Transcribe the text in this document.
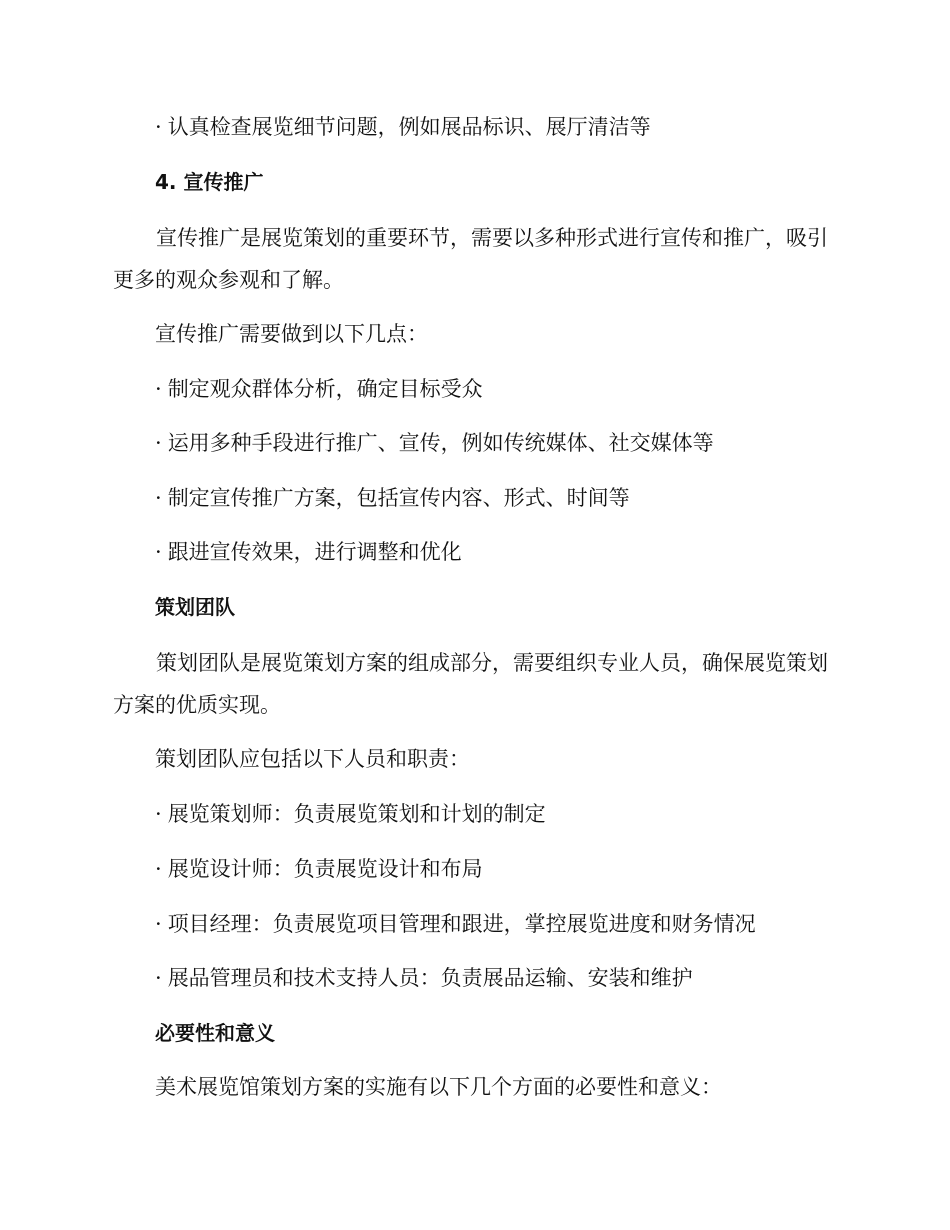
· 认真检查展览细节问题，例如展品标识、展厅清洁等

4. 宣传推广

宣传推广是展览策划的重要环节，需要以多种形式进行宣传和推广，吸引更多的观众参观和了解。

宣传推广需要做到以下几点：

· 制定观众群体分析，确定目标受众

· 运用多种手段进行推广、宣传，例如传统媒体、社交媒体等

· 制定宣传推广方案，包括宣传内容、形式、时间等

· 跟进宣传效果，进行调整和优化

策划团队

策划团队是展览策划方案的组成部分，需要组织专业人员，确保展览策划方案的优质实现。

策划团队应包括以下人员和职责：

· 展览策划师：负责展览策划和计划的制定

· 展览设计师：负责展览设计和布局

· 项目经理：负责展览项目管理和跟进，掌控展览进度和财务情况

· 展品管理员和技术支持人员：负责展品运输、安装和维护

必要性和意义

美术展览馆策划方案的实施有以下几个方面的必要性和意义：
